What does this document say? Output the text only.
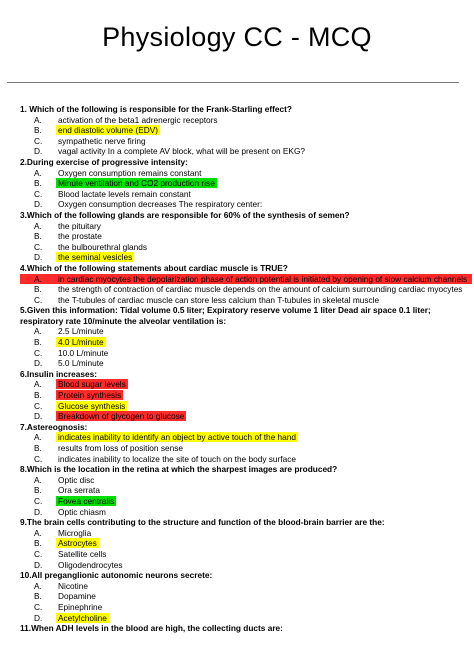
Physiology CC - MCQ
1. Which of the following is responsible for the Frank-Starling effect?
A. activation of the beta1 adrenergic receptors
B. end diastolic volume (EDV)
C. sympathetic nerve firing
D. vagal activity In a complete AV block, what will be present on EKG?
2.During exercise of progressive intensity:
A. Oxygen consumption remains constant
B. Minute ventilation and CO2 production rise
C. Blood lactate levels remain constant
D. Oxygen consumption decreases The respiratory center:
3.Which of the following glands are responsible for 60% of the synthesis of semen?
A. the pituitary
B. the prostate
C. the bulbourethral glands
D. the seminal vesicles
4.Which of the following statements about cardiac muscle is TRUE?
A. in cardiac myocytes the depolarization phase of action potential is initiated by opening of slow calcium channels
B. the strength of contraction of cardiac muscle depends on the amount of calcium surrounding cardiac myocytes
C. the T-tubules of cardiac muscle can store less calcium than T-tubules in skeletal muscle
5.Given this information: Tidal volume 0.5 liter; Expiratory reserve volume 1 liter Dead air space 0.1 liter; respiratory rate 10/minute the alveolar ventilation is:
A. 2.5 L/minute
B. 4.0 L/minute
C. 10.0 L/minute
D. 5.0 L/minute
6.Insulin increases:
A. Blood sugar levels
B. Protein synthesis
C. Glucose synthesis
D. Breakdown of glycogen to glucose
7.Astereognosis:
A. indicates inability to identify an object by active touch of the hand
B. results from loss of position sense
C. indicates inability to localize the site of touch on the body surface
8.Which is the location in the retina at which the sharpest images are produced?
A. Optic disc
B. Ora serrata
C. Fovea centralis
D. Optic chiasm
9.The brain cells contributing to the structure and function of the blood-brain barrier are the:
A. Microglia
B. Astrocytes
C. Satellite cells
D. Oligodendrocytes
10.All preganglionic autonomic neurons secrete:
A. Nicotine
B. Dopamine
C. Epinephrine
D. Acetylcholine
11.When ADH levels in the blood are high, the collecting ducts are:
